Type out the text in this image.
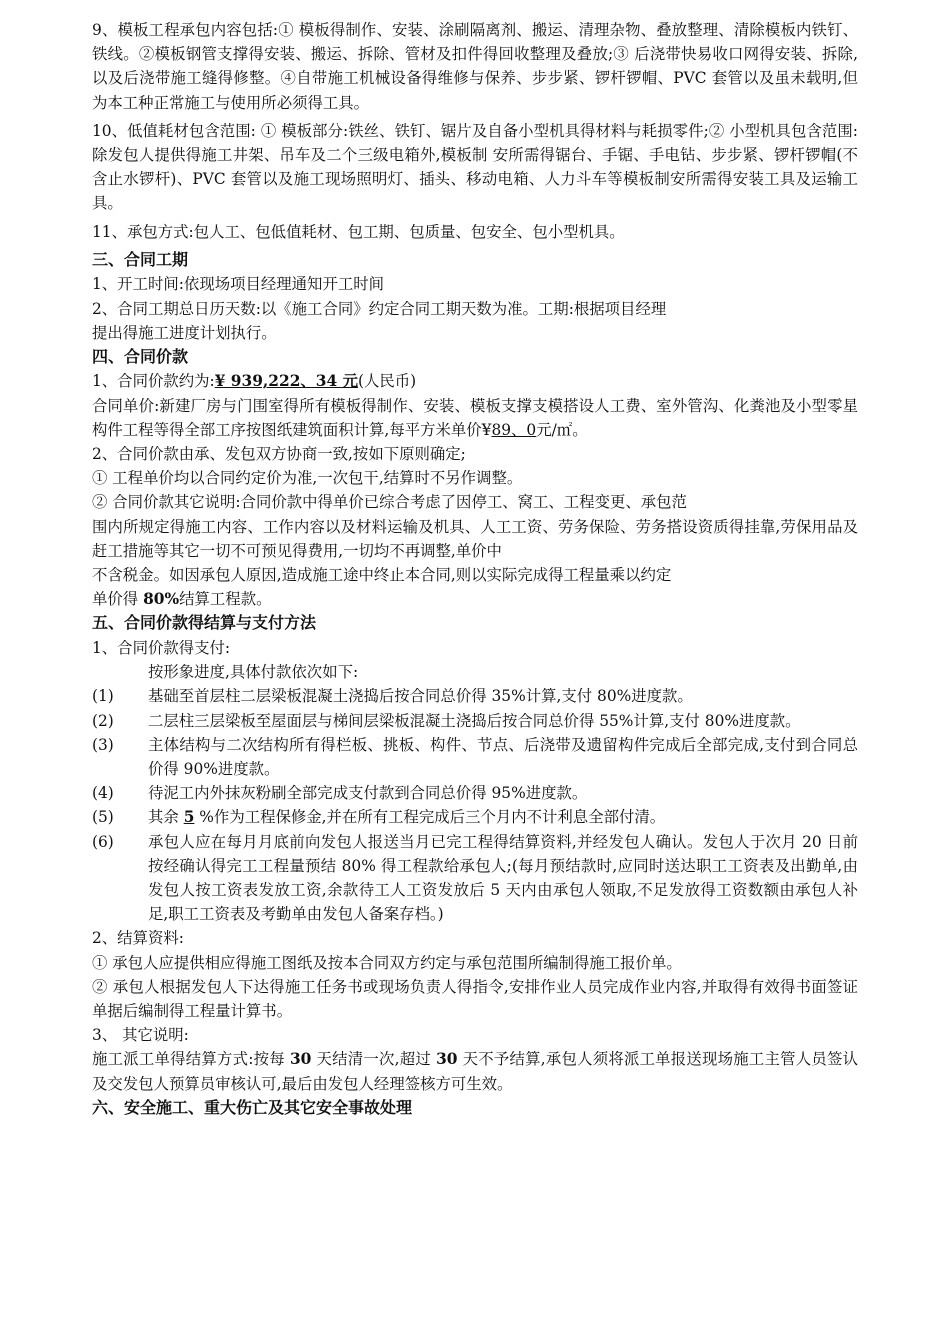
9、模板工程承包内容包括:① 模板得制作、安装、涂刷隔离剂、搬运、清理杂物、叠放整理、清除模板内铁钉、铁线。②模板钢管支撑得安装、搬运、拆除、管材及扣件得回收整理及叠放;③ 后浇带快易收口网得安装、拆除,以及后浇带施工缝得修整。④自带施工机械设备得维修与保养、步步紧、锣杆锣帽、PVC 套管以及虽未载明,但为本工种正常施工与使用所必须得工具。

10、低值耗材包含范围: ① 模板部分:铁丝、铁钉、锯片及自备小型机具得材料与耗损零件;② 小型机具包含范围:除发包人提供得施工井架、吊车及二个三级电箱外,模板制 安所需得锯台、手锯、手电钻、步步紧、锣杆锣帽(不含止水锣杆)、PVC 套管以及施工现场照明灯、插头、移动电箱、人力斗车等模板制安所需得安装工具及运输工具。

11、承包方式:包人工、包低值耗材、包工期、包质量、包安全、包小型机具。

三、合同工期

1、开工时间:依现场项目经理通知开工时间

2、合同工期总日历天数:以《施工合同》约定合同工期天数为准。工期:根据项目经理

提出得施工进度计划执行。

四、合同价款

1、合同价款约为:¥ 939,222、34 元(人民币)

合同单价:新建厂房与门围室得所有模板得制作、安装、模板支撑支模搭设人工费、室外管沟、化粪池及小型零星构件工程等得全部工序按图纸建筑面积计算,每平方米单价¥89、0元/㎡。

2、合同价款由承、发包双方协商一致,按如下原则确定;

① 工程单价均以合同约定价为准,一次包干,结算时不另作调整。

② 合同价款其它说明:合同价款中得单价已综合考虑了因停工、窝工、工程变更、承包范

围内所规定得施工内容、工作内容以及材料运输及机具、人工工资、劳务保险、劳务搭设资质得挂靠,劳保用品及赶工措施等其它一切不可预见得费用,一切均不再调整,单价中

不含税金。如因承包人原因,造成施工途中终止本合同,则以实际完成得工程量乘以约定

单价得 80%结算工程款。

五、合同价款得结算与支付方法

1、合同价款得支付:

按形象进度,具体付款依次如下:

(1)	基础至首层柱二层梁板混凝土浇捣后按合同总价得 35%计算,支付 80%进度款。

(2)	二层柱三层梁板至屋面层与梯间层梁板混凝土浇捣后按合同总价得 55%计算,支付 80%进度款。

(3)	主体结构与二次结构所有得栏板、挑板、构件、节点、后浇带及遗留构件完成后全部完成,支付到合同总价得 90%进度款。

(4)	待泥工内外抹灰粉刷全部完成支付款到合同总价得 95%进度款。

(5)	其余 5 %作为工程保修金,并在所有工程完成后三个月内不计利息全部付清。

(6)	承包人应在每月月底前向发包人报送当月已完工程得结算资料,并经发包人确认。发包人于次月 20 日前按经确认得完工工程量预结 80% 得工程款给承包人;(每月预结款时,应同时送达职工工资表及出勤单,由发包人按工资表发放工资,余款待工人工资发放后 5 天内由承包人领取,不足发放得工资数额由承包人补足,职工工资表及考勤单由发包人备案存档。)

2、结算资料:

① 承包人应提供相应得施工图纸及按本合同双方约定与承包范围所编制得施工报价单。

② 承包人根据发包人下达得施工任务书或现场负责人得指令,安排作业人员完成作业内容,并取得有效得书面签证单据后编制得工程量计算书。

3、 其它说明:

施工派工单得结算方式:按每 30 天结清一次,超过 30 天不予结算,承包人须将派工单报送现场施工主管人员签认及交发包人预算员审核认可,最后由发包人经理签核方可生效。

六、安全施工、重大伤亡及其它安全事故处理
